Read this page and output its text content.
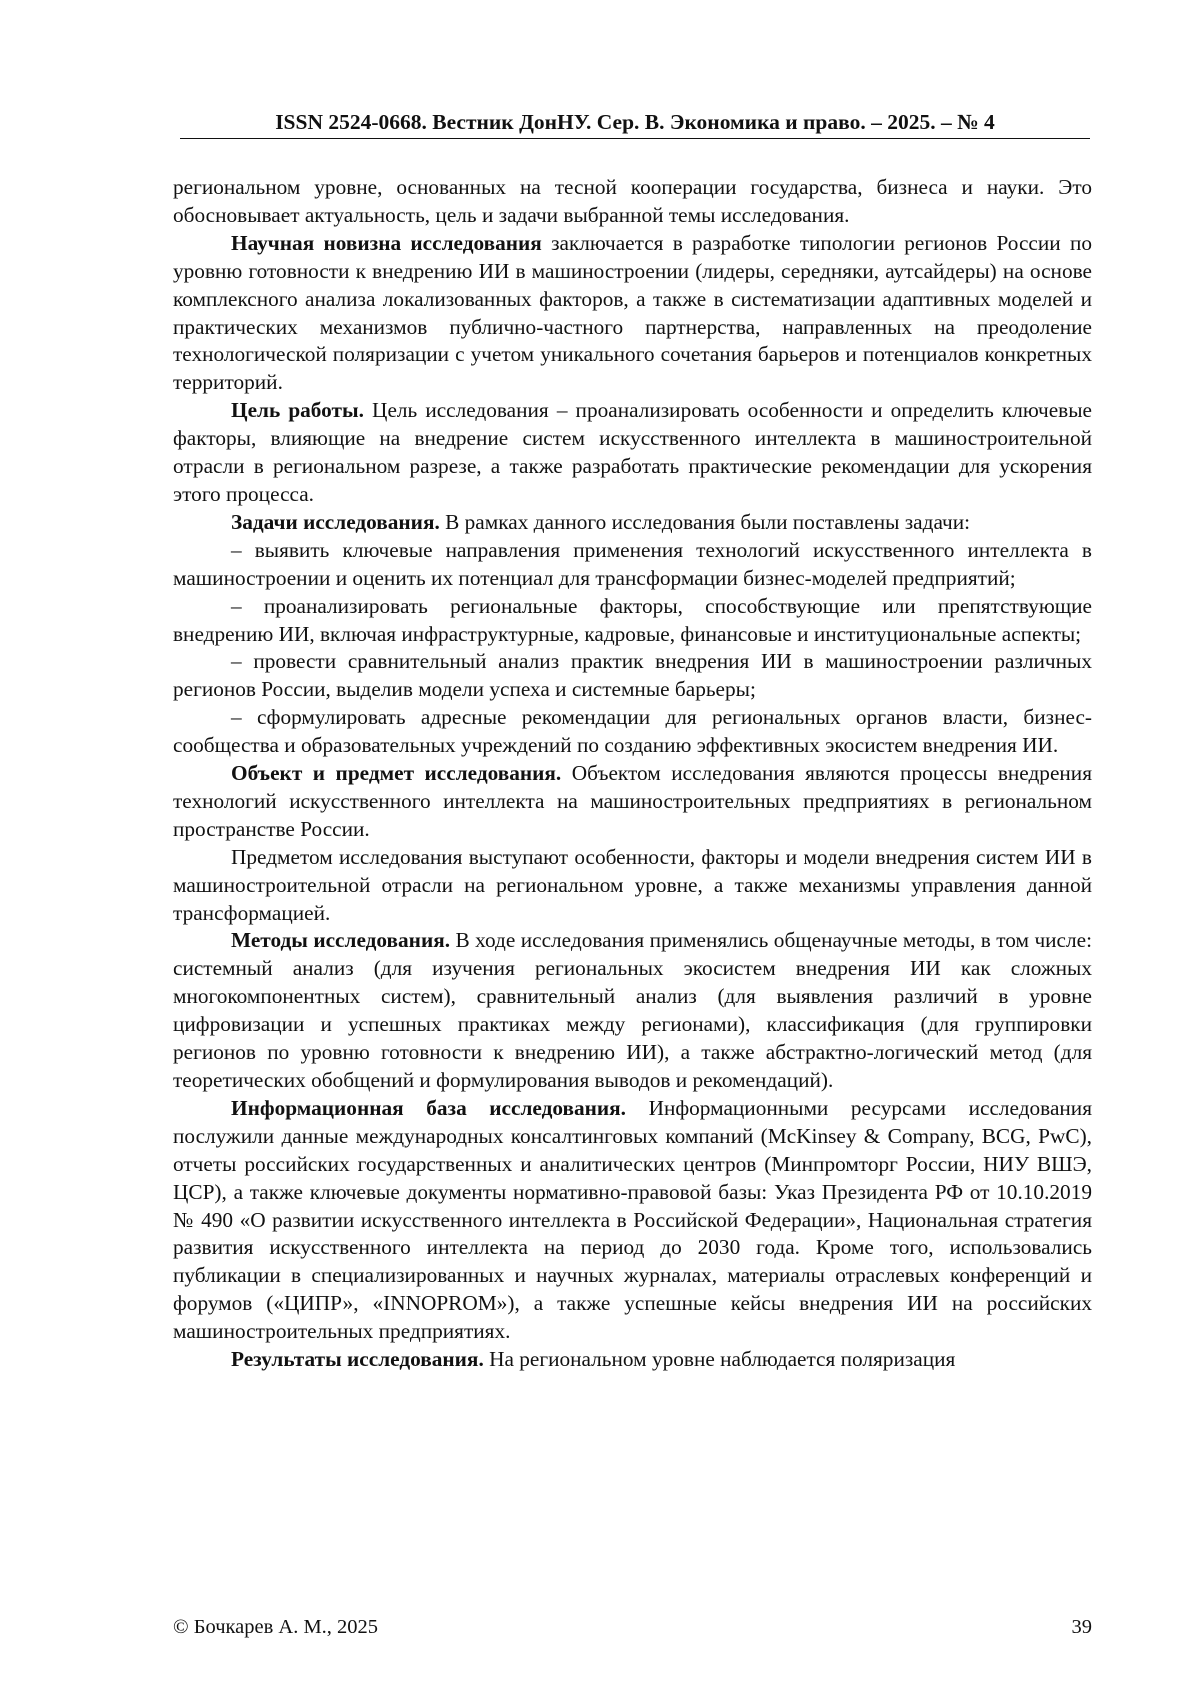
ISSN 2524-0668. Вестник ДонНУ. Сер. В. Экономика и право. – 2025. – № 4

региональном уровне, основанных на тесной кооперации государства, бизнеса и науки. Это обосновывает актуальность, цель и задачи выбранной темы исследования.

Научная новизна исследования заключается в разработке типологии регионов России по уровню готовности к внедрению ИИ в машиностроении (лидеры, середняки, аутсайдеры) на основе комплексного анализа локализованных факторов, а также в систематизации адаптивных моделей и практических механизмов публично-частного партнерства, направленных на преодоление технологической поляризации с учетом уникального сочетания барьеров и потенциалов конкретных территорий.

Цель работы. Цель исследования – проанализировать особенности и определить ключевые факторы, влияющие на внедрение систем искусственного интеллекта в машиностроительной отрасли в региональном разрезе, а также разработать практические рекомендации для ускорения этого процесса.

Задачи исследования. В рамках данного исследования были поставлены задачи:

– выявить ключевые направления применения технологий искусственного интеллекта в машиностроении и оценить их потенциал для трансформации бизнес-моделей предприятий;

– проанализировать региональные факторы, способствующие или препятствующие внедрению ИИ, включая инфраструктурные, кадровые, финансовые и институциональные аспекты;

– провести сравнительный анализ практик внедрения ИИ в машиностроении различных регионов России, выделив модели успеха и системные барьеры;

– сформулировать адресные рекомендации для региональных органов власти, бизнес-сообщества и образовательных учреждений по созданию эффективных экосистем внедрения ИИ.

Объект и предмет исследования. Объектом исследования являются процессы внедрения технологий искусственного интеллекта на машиностроительных предприятиях в региональном пространстве России.

Предметом исследования выступают особенности, факторы и модели внедрения систем ИИ в машиностроительной отрасли на региональном уровне, а также механизмы управления данной трансформацией.

Методы исследования. В ходе исследования применялись общенаучные методы, в том числе: системный анализ (для изучения региональных экосистем внедрения ИИ как сложных многокомпонентных систем), сравнительный анализ (для выявления различий в уровне цифровизации и успешных практиках между регионами), классификация (для группировки регионов по уровню готовности к внедрению ИИ), а также абстрактно-логический метод (для теоретических обобщений и формулирования выводов и рекомендаций).

Информационная база исследования. Информационными ресурсами исследования послужили данные международных консалтинговых компаний (McKinsey & Company, BCG, PwC), отчеты российских государственных и аналитических центров (Минпромторг России, НИУ ВШЭ, ЦСР), а также ключевые документы нормативно-правовой базы: Указ Президента РФ от 10.10.2019 № 490 «О развитии искусственного интеллекта в Российской Федерации», Национальная стратегия развития искусственного интеллекта на период до 2030 года. Кроме того, использовались публикации в специализированных и научных журналах, материалы отраслевых конференций и форумов («ЦИПР», «INNOPROM»), а также успешные кейсы внедрения ИИ на российских машиностроительных предприятиях.

Результаты исследования. На региональном уровне наблюдается поляризация

© Бочкарев А. М., 2025	39
